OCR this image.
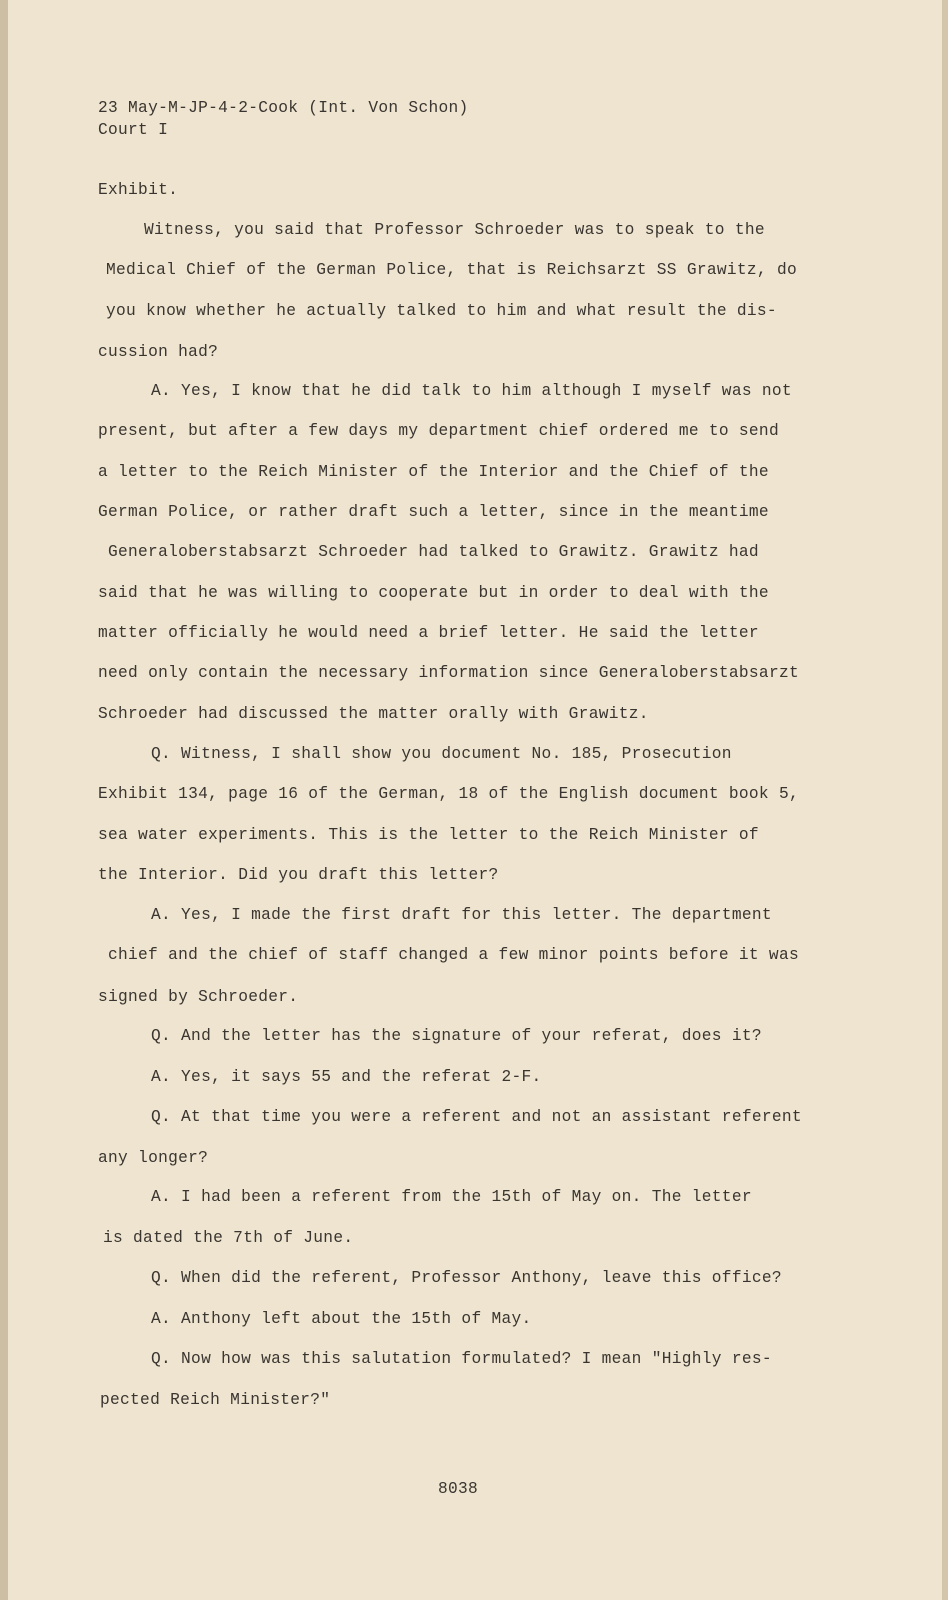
23 May-M-JP-4-2-Cook (Int. Von Schon)
Court I
Exhibit.
Witness, you said that Professor Schroeder was to speak to the
Medical Chief of the German Police, that is Reichsarzt SS Grawitz, do
you know whether he actually talked to him and what result the dis-
cussion had?
A. Yes, I know that he did talk to him although I myself was not
present, but after a few days my department chief ordered me to send
a letter to the Reich Minister of the Interior and the Chief of the
German Police, or rather draft such a letter, since in the meantime
Generaloberstabsarzt Schroeder had talked to Grawitz. Grawitz had
said that he was willing to cooperate but in order to deal with the
matter officially he would need a brief letter. He said the letter
need only contain the necessary information since Generaloberstabsarzt
Schroeder had discussed the matter orally with Grawitz.
Q. Witness, I shall show you document No. 185, Prosecution
Exhibit 134, page 16 of the German, 18 of the English document book 5,
sea water experiments. This is the letter to the Reich Minister of
the Interior. Did you draft this letter?
A. Yes, I made the first draft for this letter. The department
chief and the chief of staff changed a few minor points before it was
signed by Schroeder.
Q. And the letter has the signature of your referat, does it?
A. Yes, it says 55 and the referat 2-F.
Q. At that time you were a referent and not an assistant referent
any longer?
A. I had been a referent from the 15th of May on. The letter
is dated the 7th of June.
Q. When did the referent, Professor Anthony, leave this office?
A. Anthony left about the 15th of May.
Q. Now how was this salutation formulated? I mean "Highly res-
pected Reich Minister?"
8038
